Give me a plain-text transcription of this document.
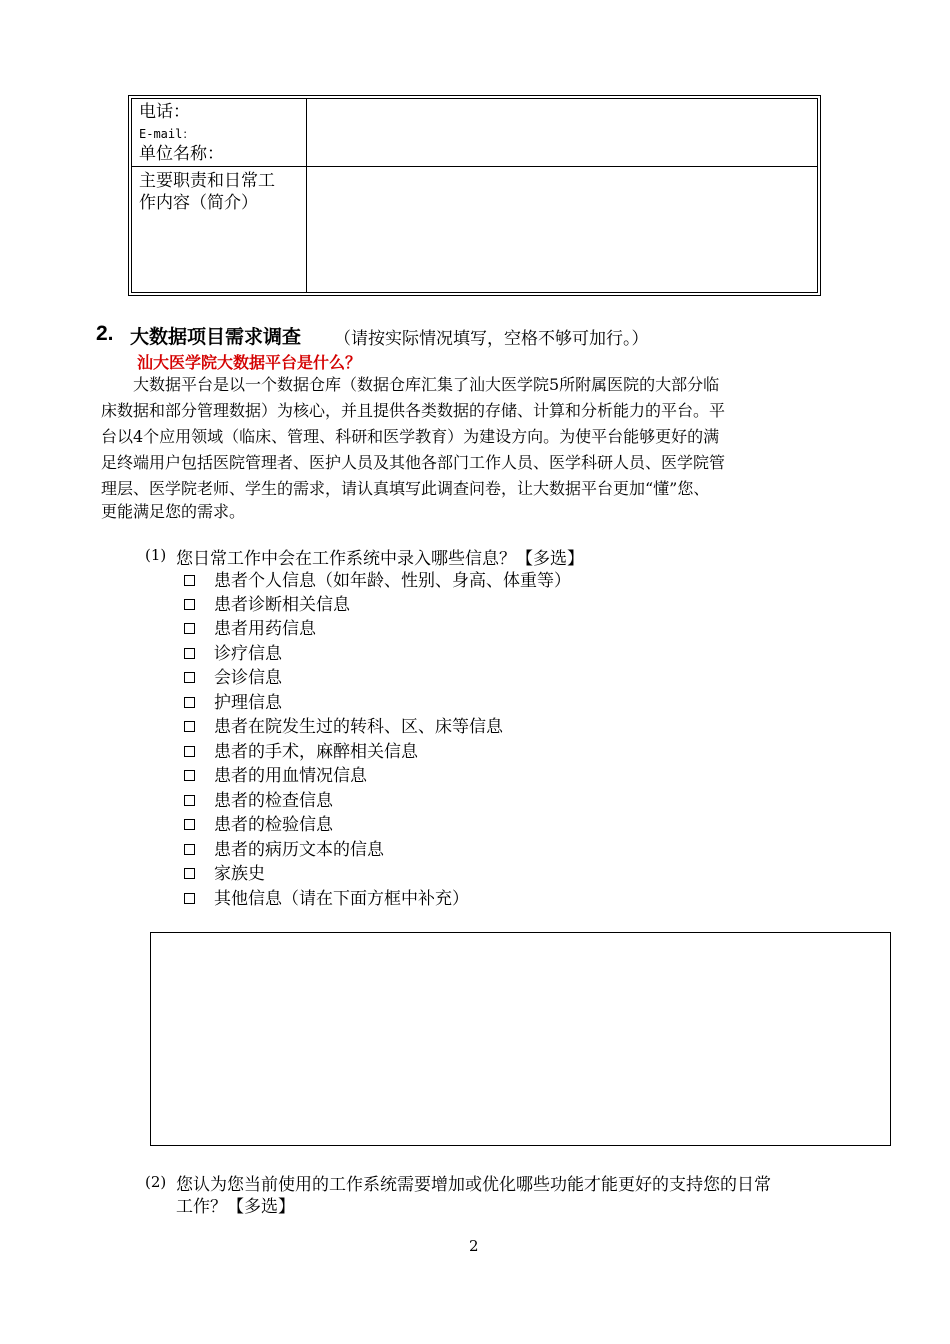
电话：
E-mail：
单位名称：
主要职责和日常工
作内容（简介）
2. 大数据项目需求调查 （请按实际情况填写，空格不够可加行。）
汕大医学院大数据平台是什么？
　　大数据平台是以一个数据仓库（数据仓库汇集了汕大医学院5所附属医院的大部分临
床数据和部分管理数据）为核心，并且提供各类数据的存储、计算和分析能力的平台。平
台以4个应用领域（临床、管理、科研和医学教育）为建设方向。为使平台能够更好的满
足终端用户包括医院管理者、医护人员及其他各部门工作人员、医学科研人员、医学院管
理层、医学院老师、学生的需求，请认真填写此调查问卷，让大数据平台更加“懂”您、
更能满足您的需求。
(1) 您日常工作中会在工作系统中录入哪些信息？【多选】
患者个人信息（如年龄、性别、身高、体重等）
患者诊断相关信息
患者用药信息
诊疗信息
会诊信息
护理信息
患者在院发生过的转科、区、床等信息
患者的手术，麻醉相关信息
患者的用血情况信息
患者的检查信息
患者的检验信息
患者的病历文本的信息
家族史
其他信息（请在下面方框中补充）
(2) 您认为您当前使用的工作系统需要增加或优化哪些功能才能更好的支持您的日常
工作？【多选】
2
